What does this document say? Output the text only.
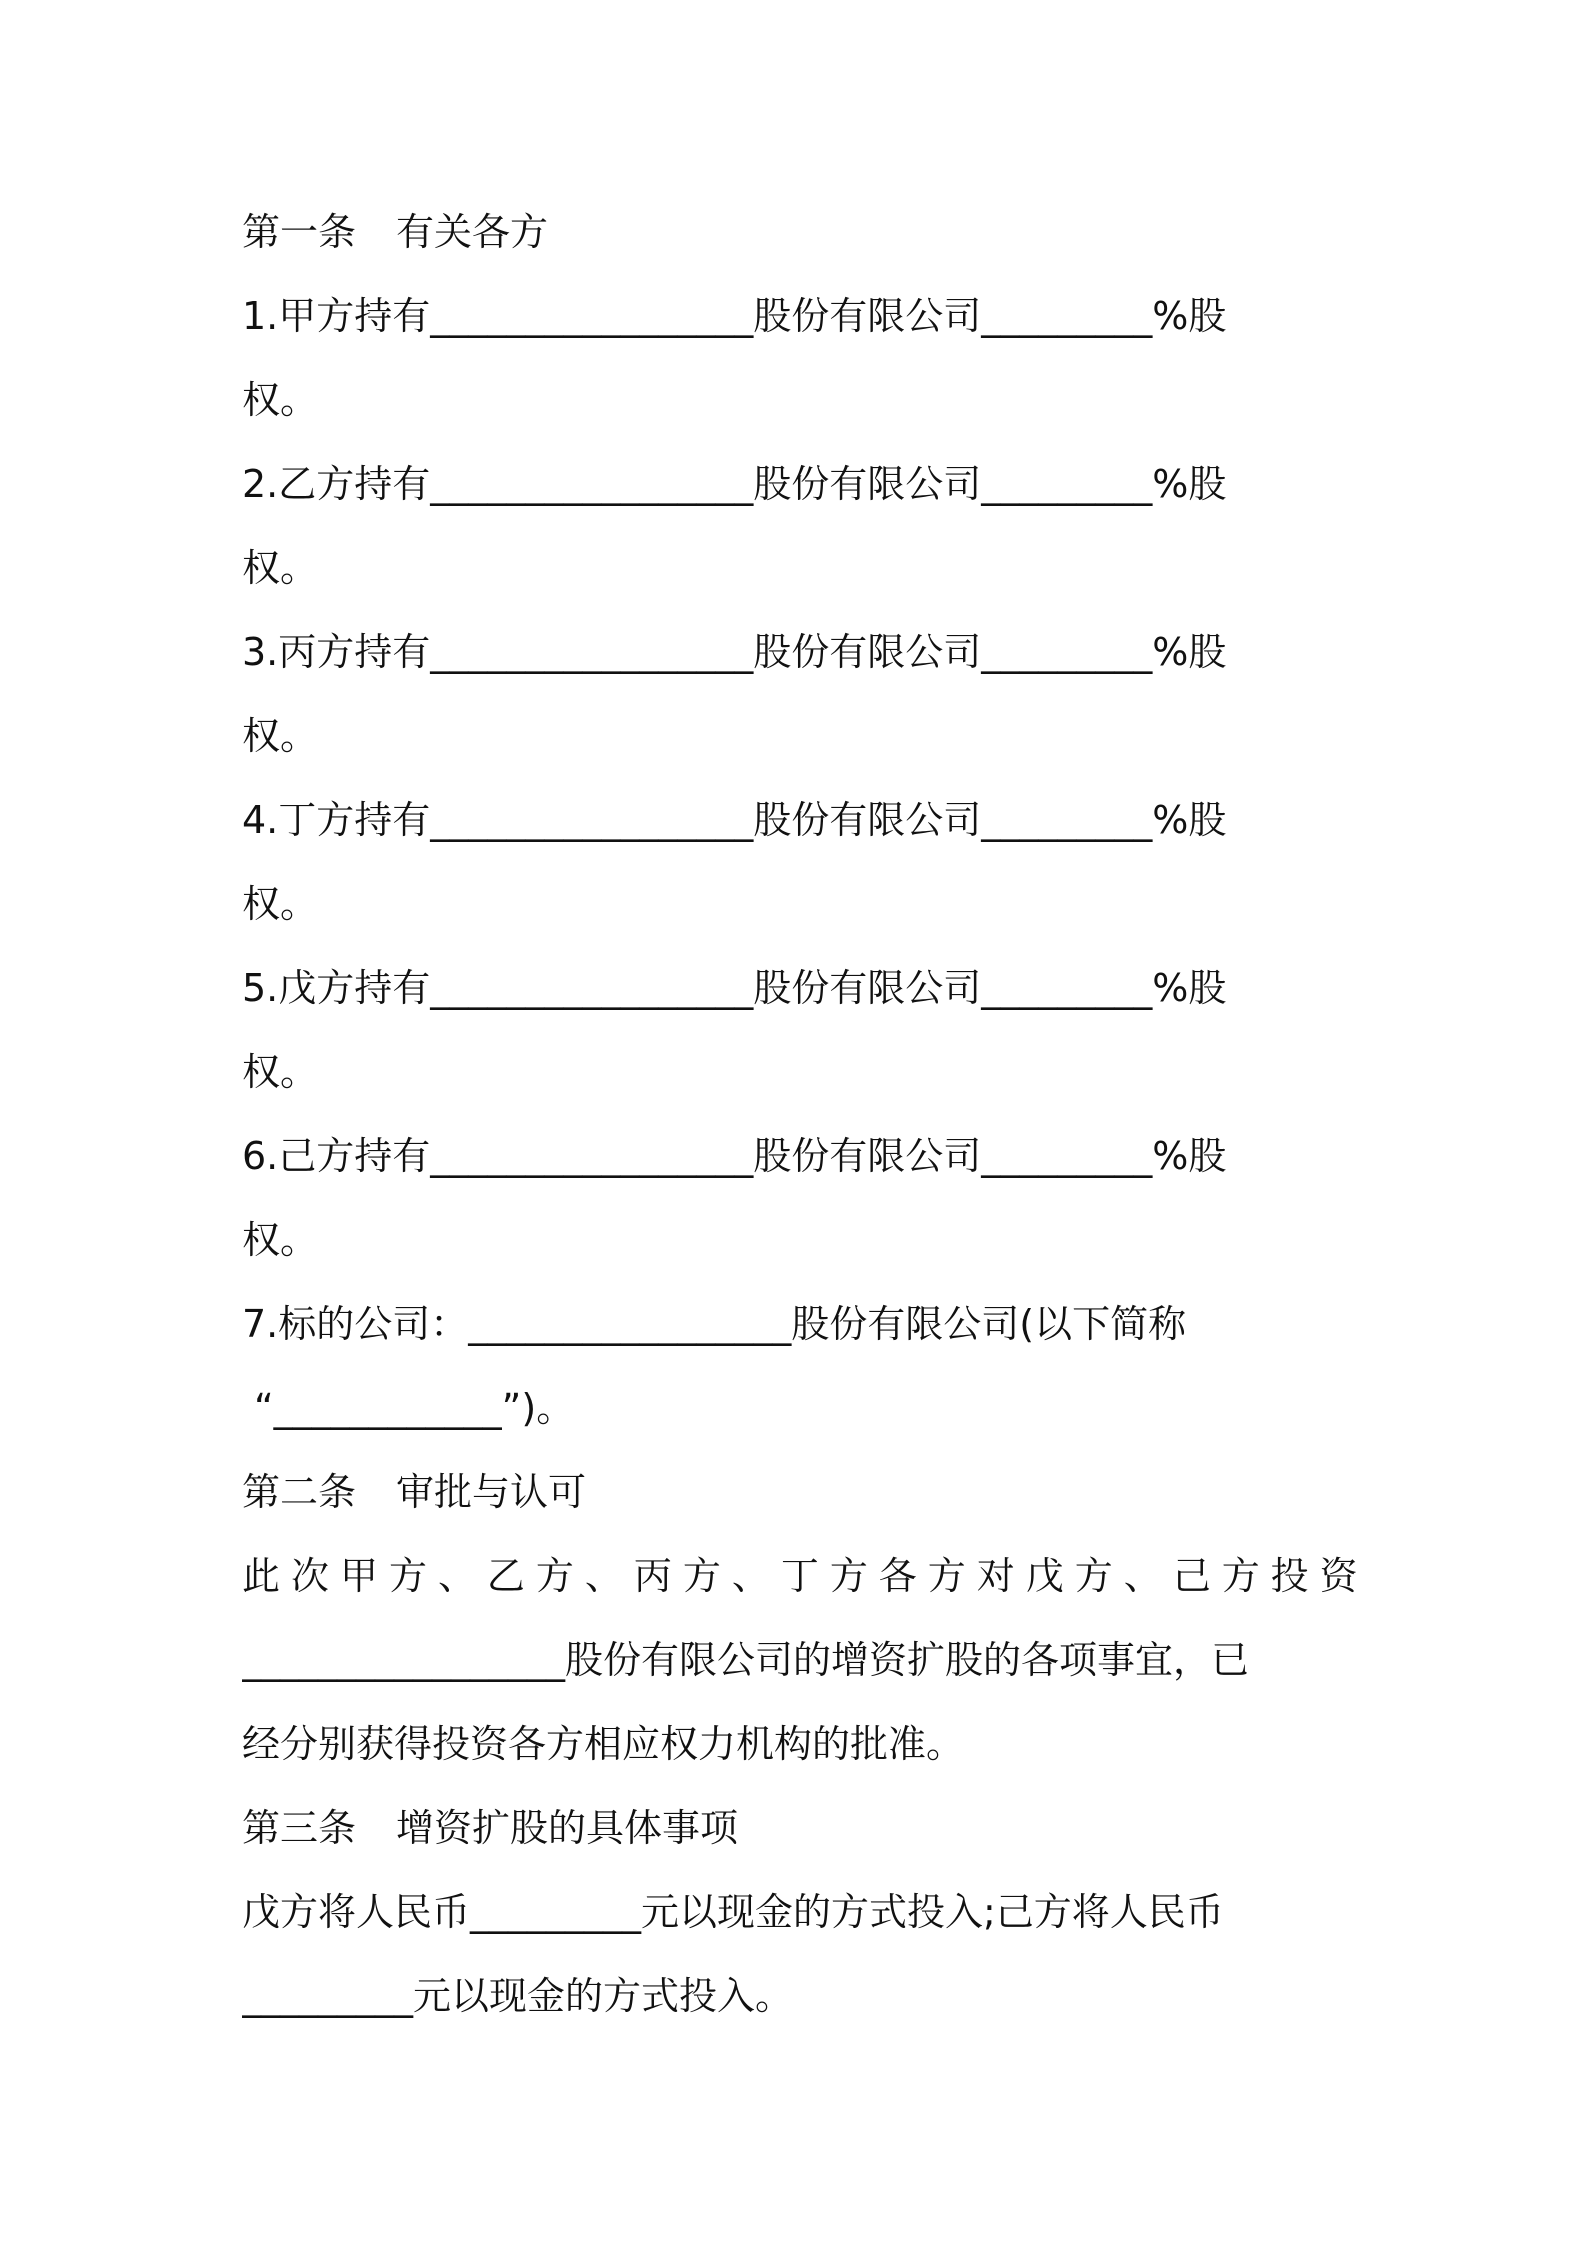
第一条 有关各方
1.甲方持有_________________股份有限公司_________%股
权。
2.乙方持有_________________股份有限公司_________%股
权。
3.丙方持有_________________股份有限公司_________%股
权。
4.丁方持有_________________股份有限公司_________%股
权。
5.戊方持有_________________股份有限公司_________%股
权。
6.己方持有_________________股份有限公司_________%股
权。
7.标的公司：_________________股份有限公司(以下简称
“____________”)。
第二条 审批与认可
此 次 甲 方 、 乙 方 、 丙 方 、 丁 方 各 方 对 戊 方 、 己 方 投 资
_________________股份有限公司的增资扩股的各项事宜，已
经分别获得投资各方相应权力机构的批准。
第三条 增资扩股的具体事项
戊方将人民币_________元以现金的方式投入;己方将人民币
_________元以现金的方式投入。
